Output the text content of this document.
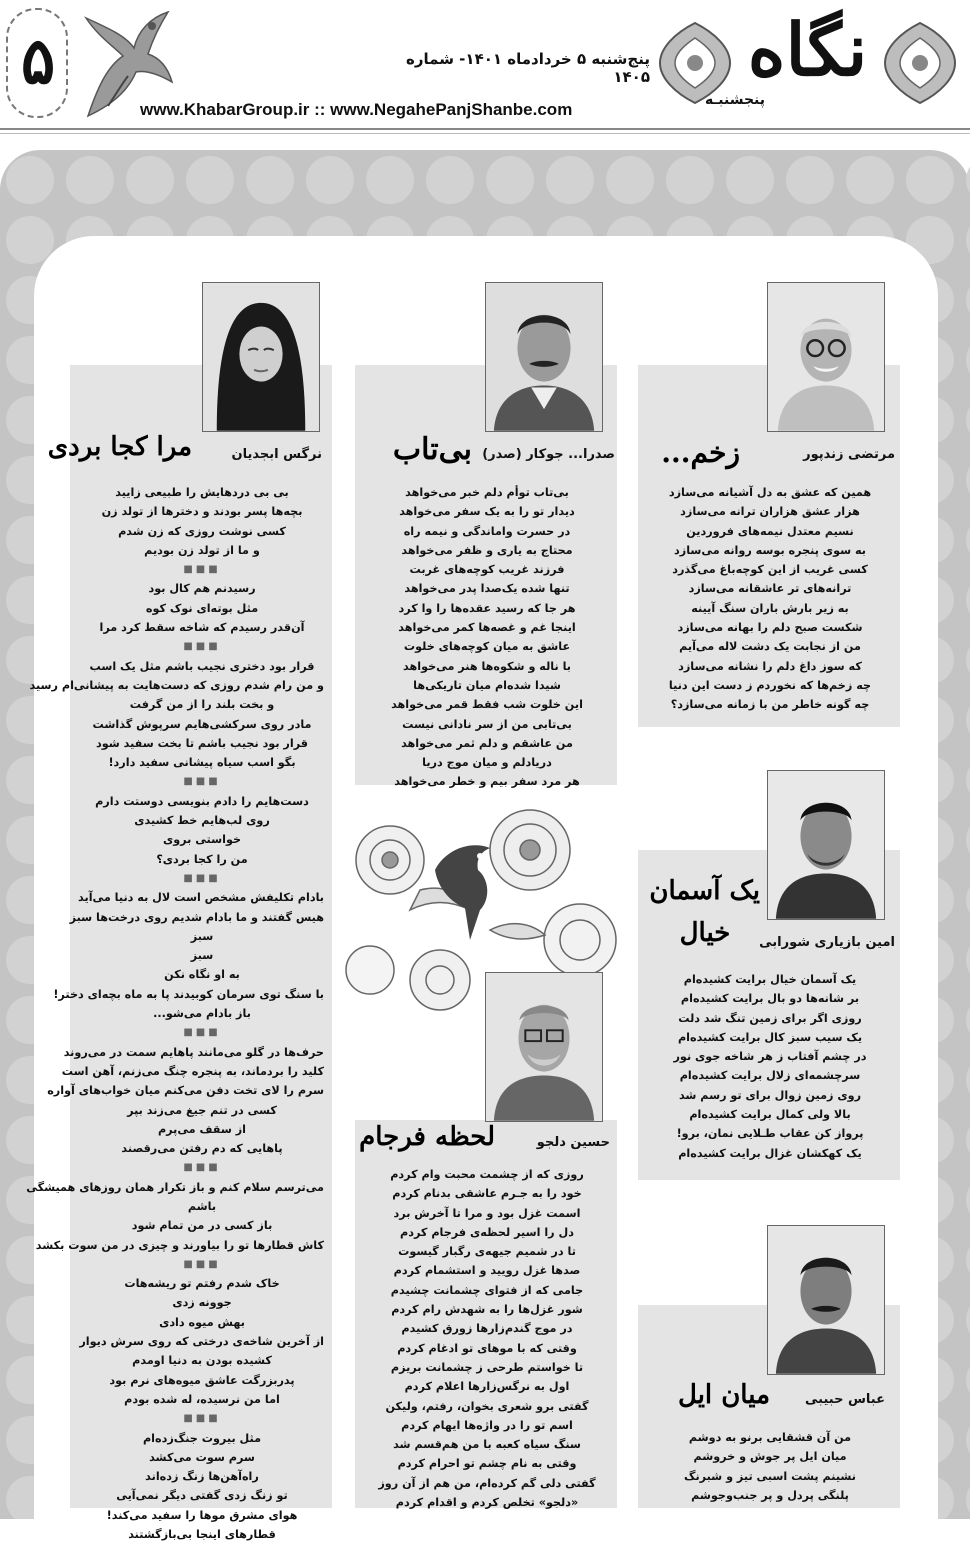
۵	پنج‌شنبه ۵ خردادماه ۱۴۰۱- شماره ۱۴۰۵
www.KhabarGroup.ir :: www.NegahePanjShanbe.com
نگاه
پنجشنبـه
زخم...	مرتضی زندپور
همین که عشق به دل آشیانه می‌سازد
هزار عشق هزاران ترانه می‌سازد
نسیم معتدل نیمه‌های فروردین
به سوی پنجره بوسه روانه می‌سازد
کسی غریب از این کوچه‌باغ می‌گذرد
ترانه‌های تر عاشقانه می‌سازد
به زیر بارش باران سنگ آیینه
شکست صبح دلم را بهانه می‌سازد
من از نجابت یک دشت لاله می‌آیم
که سوز داغ دلم را نشانه می‌سازد
چه زخم‌ها که نخوردم ز دست این دنیا
چه گونه خاطر من با زمانه می‌سازد؟
بی‌تاب صدرا... جوکار (صدر)
بی‌تاب توأم دلم خبر می‌خواهد
دیدار تو را به یک سفر می‌خواهد
در حسرت واماندگی و نیمه راه
محتاج به یاری و ظفر می‌خواهد
فرزند غریب کوچه‌های غربت
تنها شده یک‌صدا پدر می‌خواهد
هر جا که رسید عقده‌ها را وا کرد
اینجا غم و غصه‌ها کمر می‌خواهد
عاشق به میان کوچه‌های خلوت
با ناله و شکوه‌ها هنر می‌خواهد
شیدا شده‌ام میان تاریکی‌ها
این خلوت شب فقط قمر می‌خواهد
بی‌تابی من از سر نادانی نیست
من عاشقم و دلم ثمر می‌خواهد
دریادلم و میان موج دریا
هر مرد سفر بیم و خطر می‌خواهد
مرا کجا بردی	نرگس ابجدیان
بی بی دردهایش را طبیعی زایید
بچه‌ها پسر بودند و دخترها از تولد زن
کسی نوشت روزی که زن شدم
و ما از تولد زن بودیم
■■■
رسیدنم هم کال بود
مثل بوته‌ای نوک کوه
آن‌قدر رسیدم که شاخه سقط کرد مرا
■■■
قرار بود دختری نجیب باشم مثل یک اسب
و من رام شدم روزی که دست‌هایت به پیشانی‌ام رسید
و بخت بلند را از من گرفت
مادر روی سرکشی‌هایم سرپوش گذاشت
قرار بود نجیب باشم تا بخت سفید شود
بگو اسب سیاه پیشانی سفید دارد!
■■■
دست‌هایم را دادم بنویسی دوستت دارم
روی لب‌هایم خط کشیدی
خواستی بروی
من را کجا بردی؟
■■■
بادام تکلیفش مشخص است لال به دنیا می‌آید
هیس گفتند و ما بادام شدیم روی درخت‌ها سبز
سبز
سبز
به او نگاه نکن
با سنگ توی سرمان کوبیدند پا به ماه بچه‌ای دختر!
باز بادام می‌شو...
■■■
حرف‌ها در گلو می‌مانند پاهایم سمت در می‌روند
کلید را بردماند، به پنجره چنگ می‌زنم، آهن است
سرم را لای تخت دفن می‌کنم میان خواب‌های آواره
کسی در تنم جیغ می‌زند بپر
از سقف می‌پرم
پاهایی که دم رفتن می‌رقصند
■■■
می‌ترسم سلام کنم و باز تکرار همان روزهای همیشگی
باشم
باز کسی در من تمام شود
کاش قطارها تو را بیاورند و چیزی در من سوت بکشد
■■■
خاک شدم رفتم تو ریشه‌هات
جوونه زدی
بهش میوه دادی
از آخرین شاخه‌ی درختی که روی سرش دیوار
کشیده بودن به دنیا اومدم
پدربزرگت عاشق میوه‌های نرم بود
اما من نرسیده، له شده بودم
■■■
مثل بیروت جنگ‌زده‌ام
سرم سوت می‌کشد
راه‌آهن‌ها زنگ زده‌اند
تو زنگ زدی گفتی دیگر نمی‌آیی
هوای مشرق موها را سفید می‌کند!
قطارهای اینجا بی‌بازگشتند
یک آسمان
خیال	امین بازیاری شورابی
یک آسمان خیال برایت کشیده‌ام
بر شانه‌ها دو بال برایت کشیده‌ام
روزی اگر برای زمین تنگ شد دلت
یک سیب سبز کال برایت کشیده‌ام
در چشم آفتاب ز هر شاخه جوی نور
سرچشمه‌ای زلال برایت کشیده‌ام
روی زمین زوال برای تو رسم شد
بالا ولی کمال برایت کشیده‌ام
پرواز کن عقاب طـلایی نمان، برو!
یک کهکشان غزال برایت کشیده‌ام
لحظه فرجام	حسین دلجو
روزی که از چشمت محبت وام کردم
خود را به جـرم عاشقی بدنام کردم
اسمت غزل بود و مرا تا آخرش برد
دل را اسیر لحظه‌ی فرجام کردم
تا در شمیم جیهه‌ی رگبار گیسوت
صدها غزل رویید و استشمام کردم
جامی که از فتوای چشمانت چشیدم
شور غزل‌ها را به شهدش رام کردم
در موج گندم‌زارها زورق کشیدم
وقتی که با موهای تو ادغام کردم
تا خواستم طرحی ز چشمانت بریزم
اول به نرگس‌زارها اعلام کردم
گفتی برو شعری بخوان، رفتم، ولیکن
اسم تو را در واژه‌ها ایهام کردم
سنگ سیاه کعبه با من هم‌قسم شد
وقتی به نام چشم تو احرام کردم
گفتی دلی گم کرده‌ام، من هم از آن روز
«دلجو» تخلص کردم و اقدام کردم
میان ایل	عباس حبیبی
من آن قشقایی برنو به دوشم
میان ایل پر جوش و خروشم
نشینم پشت اسبی تیز و شبرنگ
پلنگی پردل و پر جنب‌وجوشم
